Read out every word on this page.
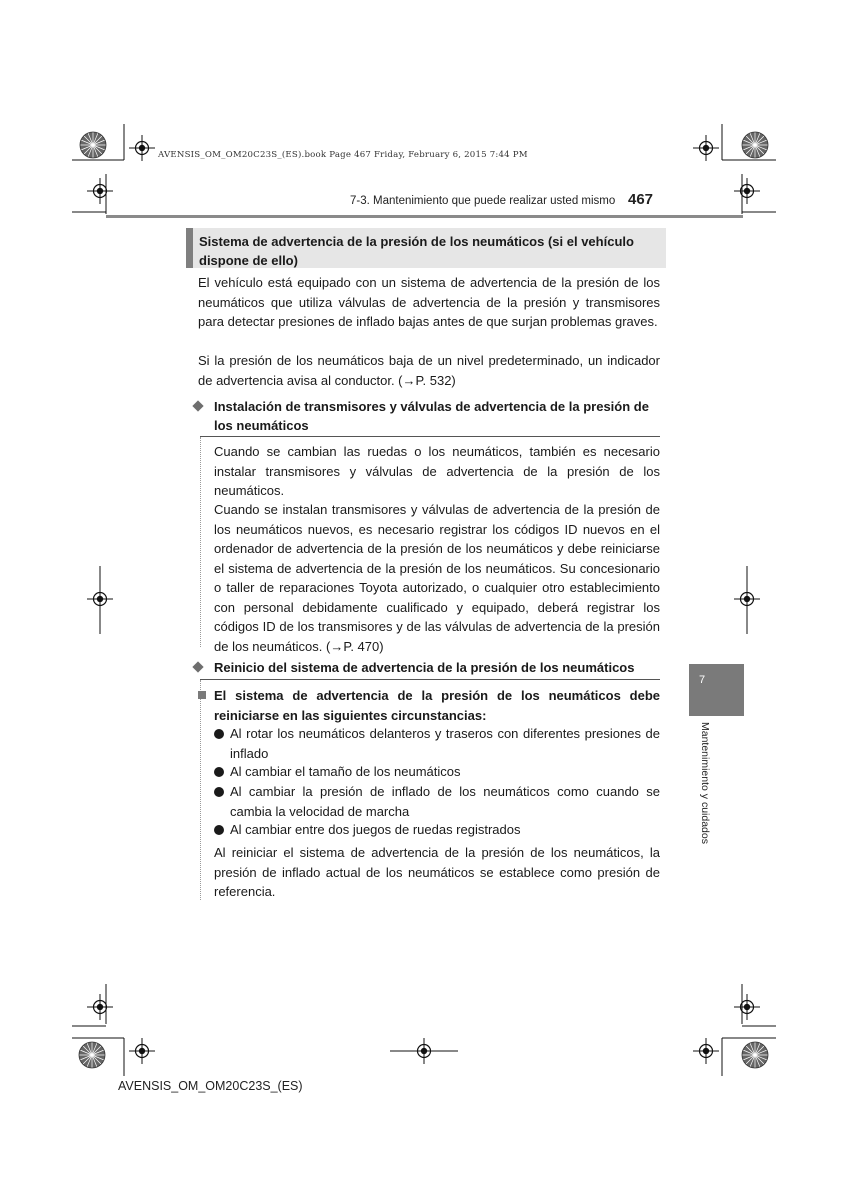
AVENSIS_OM_OM20C23S_(ES).book Page 467 Friday, February 6, 2015 7:44 PM
7-3. Mantenimiento que puede realizar usted mismo 467
Sistema de advertencia de la presión de los neumáticos (si el vehículo dispone de ello)
El vehículo está equipado con un sistema de advertencia de la presión de los neumáticos que utiliza válvulas de advertencia de la presión y transmisores para detectar presiones de inflado bajas antes de que surjan problemas graves.
Si la presión de los neumáticos baja de un nivel predeterminado, un indicador de advertencia avisa al conductor. (→P. 532)
Instalación de transmisores y válvulas de advertencia de la presión de los neumáticos
Cuando se cambian las ruedas o los neumáticos, también es necesario instalar transmisores y válvulas de advertencia de la presión de los neumáticos.
Cuando se instalan transmisores y válvulas de advertencia de la presión de los neumáticos nuevos, es necesario registrar los códigos ID nuevos en el ordenador de advertencia de la presión de los neumáticos y debe reiniciarse el sistema de advertencia de la presión de los neumáticos. Su concesionario o taller de reparaciones Toyota autorizado, o cualquier otro establecimiento con personal debidamente cualificado y equipado, deberá registrar los códigos ID de los transmisores y de las válvulas de advertencia de la presión de los neumáticos. (→P. 470)
Reinicio del sistema de advertencia de la presión de los neumáticos
El sistema de advertencia de la presión de los neumáticos debe reiniciarse en las siguientes circunstancias:
Al rotar los neumáticos delanteros y traseros con diferentes presiones de inflado
Al cambiar el tamaño de los neumáticos
Al cambiar la presión de inflado de los neumáticos como cuando se cambia la velocidad de marcha
Al cambiar entre dos juegos de ruedas registrados
Al reiniciar el sistema de advertencia de la presión de los neumáticos, la presión de inflado actual de los neumáticos se establece como presión de referencia.
7
Mantenimiento y cuidados
AVENSIS_OM_OM20C23S_(ES)
